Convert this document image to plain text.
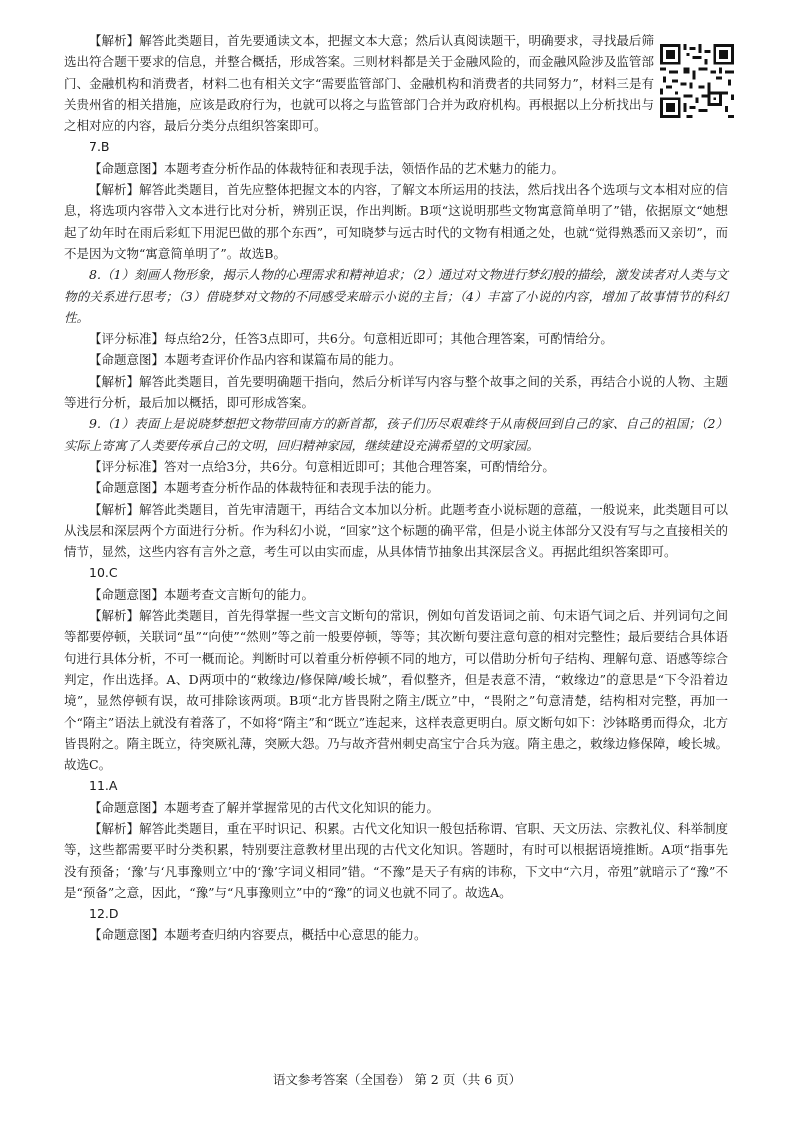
【解析】解答此类题目，首先要通读文本，把握文本大意；然后认真阅读题干，明确要求，寻找最后筛选出符合题干要求的信息，并整合概括，形成答案。三则材料都是关于金融风险的，而金融风险涉及监管部门、金融机构和消费者，材料二也有相关文字“需要监管部门、金融机构和消费者的共同努力”，材料三是有关贵州省的相关措施，应该是政府行为，也就可以将之与监管部门合并为政府机构。再根据以上分析找出与之相对应的内容，最后分类分点组织答案即可。

7.B

【命题意图】本题考查分析作品的体裁特征和表现手法，领悟作品的艺术魅力的能力。

【解析】解答此类题目，首先应整体把握文本的内容，了解文本所运用的技法，然后找出各个选项与文本相对应的信息，将选项内容带入文本进行比对分析，辨别正误，作出判断。B项“这说明那些文物寓意简单明了”错，依据原文“她想起了幼年时在雨后彩虹下用泥巴做的那个东西”，可知晓梦与远古时代的文物有相通之处，也就“觉得熟悉而又亲切”，而不是因为文物“寓意简单明了”。故选B。

8.（1）刻画人物形象，揭示人物的心理需求和精神追求；（2）通过对文物进行梦幻般的描绘，激发读者对人类与文物的关系进行思考；（3）借晓梦对文物的不同感受来暗示小说的主旨；（4）丰富了小说的内容，增加了故事情节的科幻性。

【评分标准】每点给2分，任答3点即可，共6分。句意相近即可；其他合理答案，可酌情给分。

【命题意图】本题考查评价作品内容和谋篇布局的能力。

【解析】解答此类题目，首先要明确题干指向，然后分析详写内容与整个故事之间的关系，再结合小说的人物、主题等进行分析，最后加以概括，即可形成答案。

9.（1）表面上是说晓梦想把文物带回南方的新首都，孩子们历尽艰难终于从南极回到自己的家、自己的祖国；（2）实际上寄寓了人类要传承自己的文明，回归精神家园，继续建设充满希望的文明家园。

【评分标准】答对一点给3分，共6分。句意相近即可；其他合理答案，可酌情给分。

【命题意图】本题考查分析作品的体裁特征和表现手法的能力。

【解析】解答此类题目，首先审清题干，再结合文本加以分析。此题考查小说标题的意蕴，一般说来，此类题目可以从浅层和深层两个方面进行分析。作为科幻小说，“回家”这个标题的确平常，但是小说主体部分又没有写与之直接相关的情节，显然，这些内容有言外之意，考生可以由实而虚，从具体情节抽象出其深层含义。再据此组织答案即可。

10.C

【命题意图】本题考查文言断句的能力。

【解析】解答此类题目，首先得掌握一些文言文断句的常识，例如句首发语词之前、句末语气词之后、并列词句之间等都要停顿，关联词“虽”“向使”“然则”等之前一般要停顿，等等；其次断句要注意句意的相对完整性；最后要结合具体语句进行具体分析，不可一概而论。判断时可以着重分析停顿不同的地方，可以借助分析句子结构、理解句意、语感等综合判定，作出选择。A、D两项中的“敕缘边/修保障/峻长城”，看似整齐，但是表意不清，“敕缘边”的意思是“下令沿着边境”，显然停顿有误，故可排除该两项。B项“北方皆畏附之隋主/既立”中，“畏附之”句意清楚，结构相对完整，再加一个“隋主”语法上就没有着落了，不如将“隋主”和“既立”连起来，这样表意更明白。原文断句如下：沙钵略勇而得众，北方皆畏附之。隋主既立，待突厥礼薄，突厥大怨。乃与故齐营州刺史高宝宁合兵为寇。隋主患之，敕缘边修保障，峻长城。故选C。

11.A

【命题意图】本题考查了解并掌握常见的古代文化知识的能力。

【解析】解答此类题目，重在平时识记、积累。古代文化知识一般包括称谓、官职、天文历法、宗教礼仪、科举制度等，这些都需要平时分类积累，特别要注意教材里出现的古代文化知识。答题时，有时可以根据语境推断。A项“指事先没有预备；‘豫’与‘凡事豫则立’中的‘豫’字词义相同”错。“不豫”是天子有病的讳称，下文中“六月，帝殂”就暗示了“豫”不是“预备”之意，因此，“豫”与“凡事豫则立”中的“豫”的词义也就不同了。故选A。

12.D

【命题意图】本题考查归纳内容要点，概括中心意思的能力。

语文参考答案（全国卷） 第 2 页（共 6 页）
